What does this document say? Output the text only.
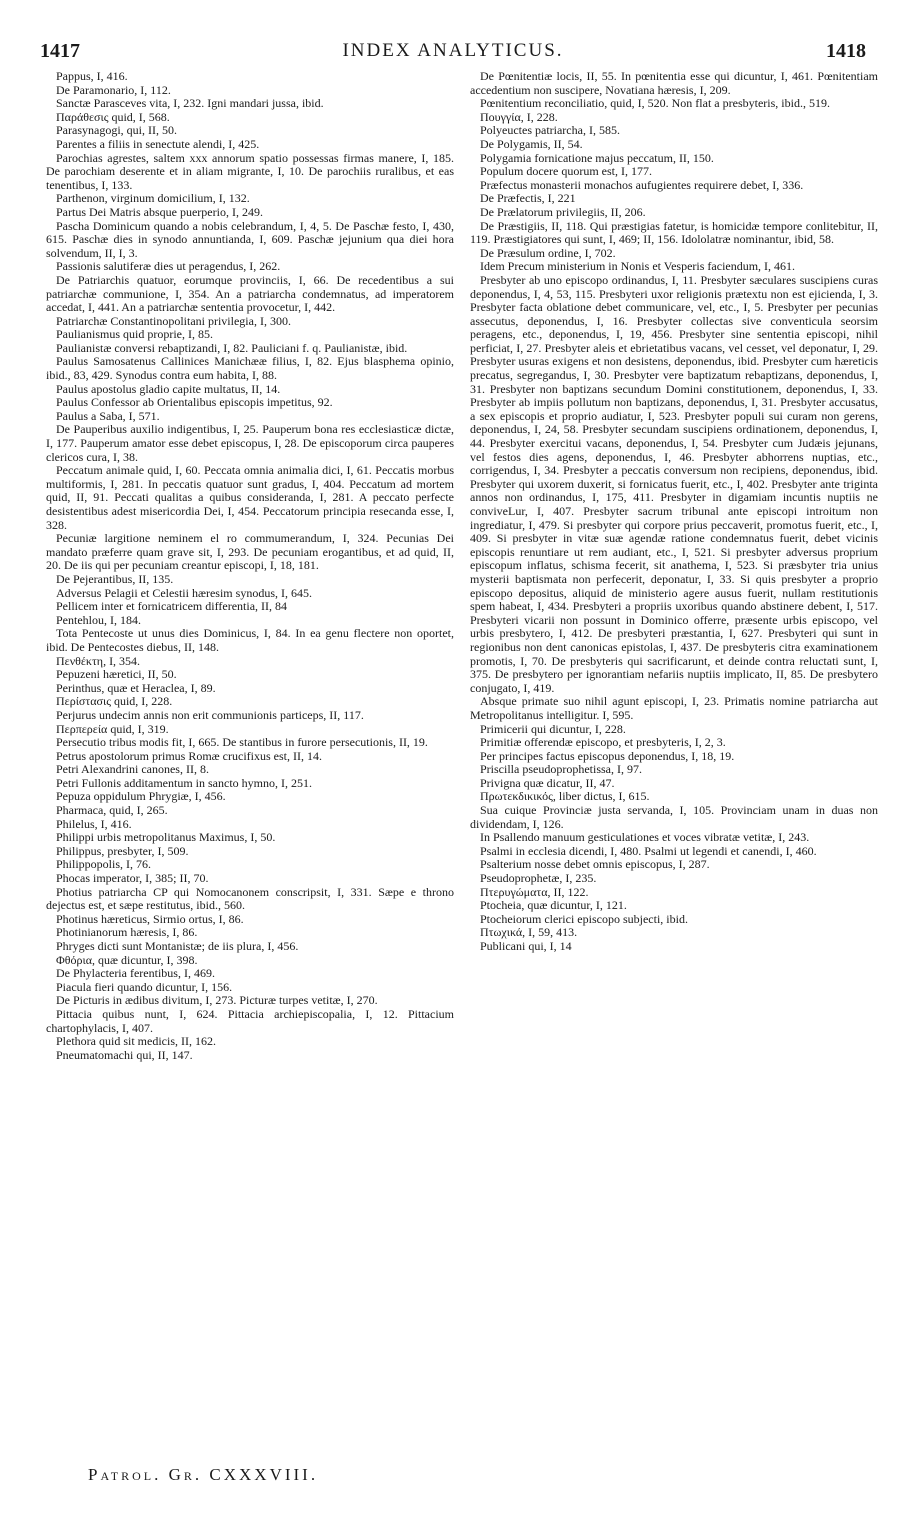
1417	INDEX ANALYTICUS.	1418

Pappus, I, 416.

De Paramonario, I, 112.

Sanctæ Parasceves vita, I, 232. Igni mandari jussa, ibid.

Παράθεσις quid, I, 568.

Parasynagogi, qui, II, 50.

Parentes a filiis in senectute alendi, I, 425.

Parochias agrestes, saltem xxx annorum spatio possessas firmas manere, I, 185. De parochiam deserente et in aliam migrante, I, 10. De parochiis ruralibus, et eas tenentibus, I, 133.

Parthenon, virginum domicilium, I, 132.

Partus Dei Matris absque puerperio, I, 249.

Pascha Dominicum quando a nobis celebrandum, I, 4, 5. De Paschæ festo, I, 430, 615. Paschæ dies in synodo annuntianda, I, 609. Paschæ jejunium qua diei hora solvendum, II, I, 3.

Passionis salutiferæ dies ut peragendus, I, 262.

De Patriarchis quatuor, eorumque provinciis, I, 66. De recedentibus a sui patriarchæ communione, I, 354. An a patriarcha condemnatus, ad imperatorem accedat, I, 441. An a patriarchæ sententia provocetur, I, 442.

Patriarchæ Constantinopolitani privilegia, I, 300.

Paulianismus quid proprie, I, 85.

Paulianistæ conversi rebaptizandi, I, 82. Pauliciani f. q. Paulianistæ, ibid.

Paulus Samosatenus Callinices Manichææ filius, I, 82. Ejus blasphema opinio, ibid., 83, 429. Synodus contra eum habita, I, 88.

Paulus apostolus gladio capite multatus, II, 14.

Paulus Confessor ab Orientalibus episcopis impetitus, 92.

Paulus a Saba, I, 571.

De Pauperibus auxilio indigentibus, I, 25. Pauperum bona res ecclesiasticæ dictæ, I, 177. Pauperum amator esse debet episcopus, I, 28. De episcoporum circa pauperes clericos cura, I, 38.

Peccatum animale quid, I, 60. Peccata omnia animalia dici, I, 61. Peccatis morbus multiformis, I, 281. In peccatis quatuor sunt gradus, I, 404. Peccatum ad mortem quid, II, 91. Peccati qualitas a quibus consideranda, I, 281. A peccato perfecte desistentibus adest misericordia Dei, I, 454. Peccatorum principia resecanda esse, I, 328.

Pecuniæ largitione neminem el ro commumerandum, I, 324. Pecunias Dei mandato præferre quam grave sit, I, 293. De pecuniam erogantibus, et ad quid, II, 20. De iis qui per pecuniam creantur episcopi, I, 18, 181.

De Pejerantibus, II, 135.

Adversus Pelagii et Celestii hæresim synodus, I, 645.

Pellicem inter et fornicatricem differentia, II, 84

Pentehlou, I, 184.

Tota Pentecoste ut unus dies Dominicus, I, 84. In ea genu flectere non oportet, ibid. De Pentecostes diebus, II, 148.

Πενθέκτη, I, 354.

Pepuzeni hæretici, II, 50.

Perinthus, quæ et Heraclea, I, 89.

Περίστασις quid, I, 228.

Perjurus undecim annis non erit communionis particeps, II, 117.

Περπερεία quid, I, 319.

Persecutio tribus modis fit, I, 665. De stantibus in furore persecutionis, II, 19.

Petrus apostolorum primus Romæ crucifixus est, II, 14.

Petri Alexandrini canones, II, 8.

Petri Fullonis additamentum in sancto hymno, I, 251.

Pepuza oppidulum Phrygiæ, I, 456.

Pharmaca, quid, I, 265.

Philelus, I, 416.

Philippi urbis metropolitanus Maximus, I, 50.

Philippus, presbyter, I, 509.

Philippopolis, I, 76.

Phocas imperator, I, 385; II, 70.

Photius patriarcha CP qui Nomocanonem conscripsit, I, 331. Sæpe e throno dejectus est, et sæpe restitutus, ibid., 560.

Photinus hæreticus, Sirmio ortus, I, 86.

Photinianorum hæresis, I, 86.

Phryges dicti sunt Montanistæ; de iis plura, I, 456.

Φθόρια, quæ dicuntur, I, 398.

De Phylacteria ferentibus, I, 469.

Piacula fieri quando dicuntur, I, 156.

De Picturis in ædibus divitum, I, 273. Picturæ turpes vetitæ, I, 270.

Pittacia quibus nunt, I, 624. Pittacia archiepiscopalia, I, 12. Pittacium chartophylacis, I, 407.

Plethora quid sit medicis, II, 162.

Pneumatomachi qui, II, 147.

De Pœnitentiæ locis, II, 55. In pœnitentia esse qui dicuntur, I, 461. Pœnitentiam accedentium non suscipere, Novatiana hæresis, I, 209.

Pœnitentium reconciliatio, quid, I, 520. Non flat a presbyteris, ibid., 519.

Πουγγία, I, 228.

Polyeuctes patriarcha, I, 585.

De Polygamis, II, 54.

Polygamia fornicatione majus peccatum, II, 150.

Populum docere quorum est, I, 177.

Præfectus monasterii monachos aufugientes requirere debet, I, 336.

De Præfectis, I, 221

De Prælatorum privilegiis, II, 206.

De Præstigiis, II, 118. Qui præstigias fatetur, is homicidæ tempore conlitebitur, II, 119. Præstigiatores qui sunt, I, 469; II, 156. Idololatræ nominantur, ibid, 58.

De Præsulum ordine, I, 702.

Idem Precum ministerium in Nonis et Vesperis faciendum, I, 461.

Presbyter ab uno episcopo ordinandus, I, 11. Presbyter sæculares suscipiens curas deponendus, I, 4, 53, 115. Presbyteri uxor religionis prætextu non est ejicienda, I, 3. Presbyter facta oblatione debet communicare, vel, etc., I, 5. Presbyter per pecunias assecutus, deponendus, I, 16. Presbyter collectas sive conventicula seorsim peragens, etc., deponendus, I, 19, 456. Presbyter sine sententia episcopi, nihil perficiat, I, 27. Presbyter aleis et ebrietatibus vacans, vel cesset, vel deponatur, I, 29. Presbyter usuras exigens et non desistens, deponendus, ibid. Presbyter cum hæreticis precatus, segregandus, I, 30. Presbyter vere baptizatum rebaptizans, deponendus, I, 31. Presbyter non baptizans secundum Domini constitutionem, deponendus, I, 33. Presbyter ab impiis pollutum non baptizans, deponendus, I, 31. Presbyter accusatus, a sex episcopis et proprio audiatur, I, 523. Presbyter populi sui curam non gerens, deponendus, I, 24, 58. Presbyter secundam suscipiens ordinationem, deponendus, I, 44. Presbyter exercitui vacans, deponendus, I, 54. Presbyter cum Judæis jejunans, vel festos dies agens, deponendus, I, 46. Presbyter abhorrens nuptias, etc., corrigendus, I, 34. Presbyter a peccatis conversum non recipiens, deponendus, ibid. Presbyter qui uxorem duxerit, si fornicatus fuerit, etc., I, 402. Presbyter ante triginta annos non ordinandus, I, 175, 411. Presbyter in digamiam incuntis nuptiis ne conviveLur, I, 407. Presbyter sacrum tribunal ante episcopi introitum non ingrediatur, I, 479. Si presbyter qui corpore prius peccaverit, promotus fuerit, etc., I, 409. Si presbyter in vitæ suæ agendæ ratione condemnatus fuerit, debet vicinis episcopis renuntiare ut rem audiant, etc., I, 521. Si presbyter adversus proprium episcopum inflatus, schisma fecerit, sit anathema, I, 523. Si præsbyter tria unius mysterii baptismata non perfecerit, deponatur, I, 33. Si quis presbyter a proprio episcopo depositus, aliquid de ministerio agere ausus fuerit, nullam restitutionis spem habeat, I, 434. Presbyteri a propriis uxoribus quando abstinere debent, I, 517. Presbyteri vicarii non possunt in Dominico offerre, præsente urbis episcopo, vel urbis presbytero, I, 412. De presbyteri præstantia, I, 627. Presbyteri qui sunt in regionibus non dent canonicas epistolas, I, 437. De presbyteris citra examinationem promotis, I, 70. De presbyteris qui sacrificarunt, et deinde contra reluctati sunt, I, 375. De presbytero per ignorantiam nefariis nuptiis implicato, II, 85. De presbytero conjugato, I, 419.

Absque primate suo nihil agunt episcopi, I, 23. Primatis nomine patriarcha aut Metropolitanus intelligitur. I, 595.

Primicerii qui dicuntur, I, 228.

Primitiæ offerendæ episcopo, et presbyteris, I, 2, 3.

Per principes factus episcopus deponendus, I, 18, 19.

Priscilla pseudoprophetissa, I, 97.

Privigna quæ dicatur, II, 47.

Πρωτεκδικικός, liber dictus, I, 615.

Sua cuique Provinciæ justa servanda, I, 105. Provinciam unam in duas non dividendam, I, 126.

In Psallendo manuum gesticulationes et voces vibratæ vetitæ, I, 243.

Psalmi in ecclesia dicendi, I, 480. Psalmi ut legendi et canendi, I, 460.

Psalterium nosse debet omnis episcopus, I, 287.

Pseudoprophetæ, I, 235.

Πτερυγώματα, II, 122.

Ptocheia, quæ dicuntur, I, 121.

Ptocheiorum clerici episcopo subjecti, ibid.

Πτωχικά, I, 59, 413.

Publicani qui, I, 14

Patrol. Gr. CXXXVIII.
